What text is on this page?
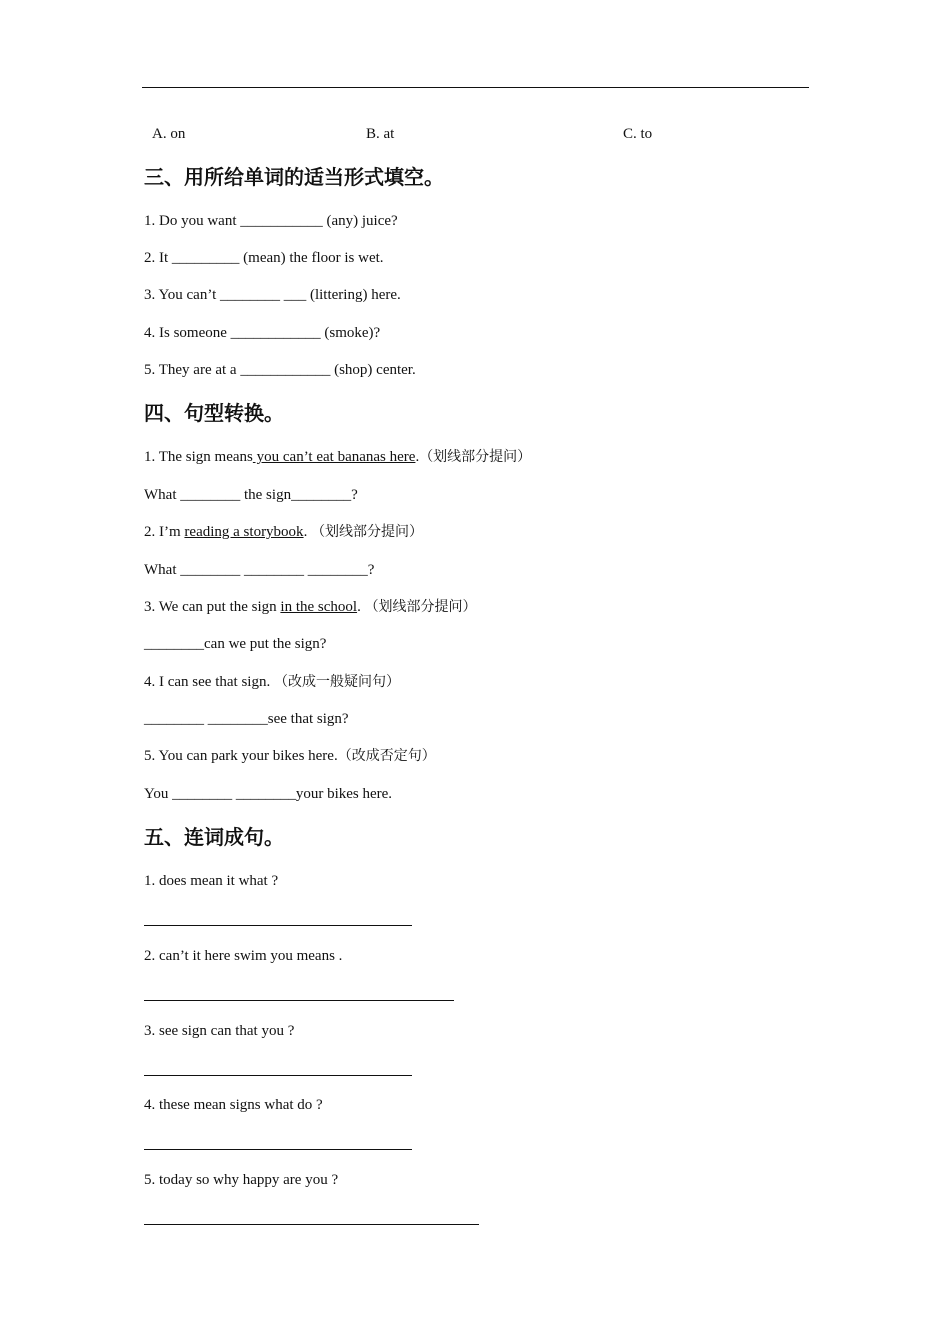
A. on	B. at	C. to
三、用所给单词的适当形式填空。
1. Do you want ___________ (any) juice?
2. It _________ (mean) the floor is wet.
3. You can’t ________ ___ (littering) here.
4. Is someone ____________ (smoke)?
5. They are at a ____________ (shop) center.
四、句型转换。
1. The sign means you can’t eat bananas here.（划线部分提问）
What ________ the sign________?
2. I’m reading a storybook. （划线部分提问）
What ________ ________ ________?
3. We can put the sign in the school. （划线部分提问）
________can we put the sign?
4. I can see that sign. （改成一般疑问句）
________ ________see that sign?
5. You can park your bikes here.（改成否定句）
You ________ ________your bikes here.
五、连词成句。
1. does mean it what ?
2. can’t it here swim you means .
3. see sign can that you ?
4. these mean signs what do ?
5. today so why happy are you ?
